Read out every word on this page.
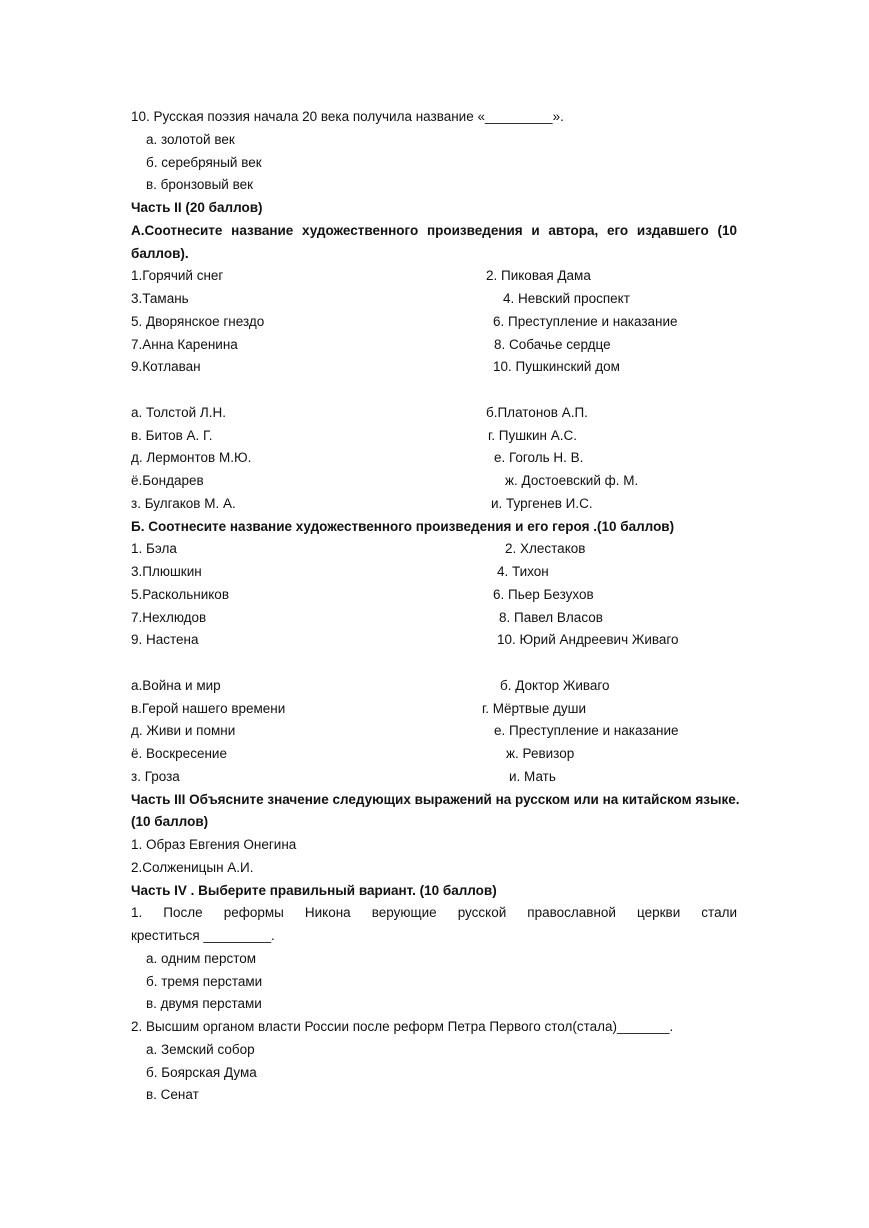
10. Русская поэзия начала 20 века получила название «_________».
а. золотой век
б. серебряный век
в. бронзовый век
Часть II (20 баллов)
А.Соотнесите название художественного произведения и автора, его издавшего (10
баллов).
1.Горячий снег	2. Пиковая Дама
3.Тамань	4. Невский проспект
5. Дворянское гнездо	6. Преступление и наказание
7.Анна Каренина	8. Собачье сердце
9.Котлаван	10. Пушкинский дом
а. Толстой Л.Н.	б.Платонов А.П.
в. Битов А. Г.	г. Пушкин А.С.
д. Лермонтов М.Ю.	е. Гоголь Н. В.
ё.Бондарев	ж. Достоевский ф. М.
з. Булгаков М. А.	и. Тургенев И.С.
Б. Соотнесите название художественного произведения и его героя .(10 баллов)
1. Бэла	2. Хлестаков
3.Плюшкин	4. Тихон
5.Раскольников	6. Пьер Безухов
7.Нехлюдов	8. Павел Власов
9. Настена	10. Юрий Андреевич Живаго
а.Война и мир	б. Доктор Живаго
в.Герой нашего времени	г. Мёртвые души
д. Живи и помни	е. Преступление и наказание
ё. Воскресение	ж. Ревизор
з. Гроза	и. Мать
Часть III Объясните значение следующих выражений на русском или на китайском языке.
(10 баллов)
1. Образ Евгения Онегина
2.Солженицын А.И.
Часть IV . Выберите правильный вариант. (10 баллов)
1. После реформы Никона верующие русской православной церкви стали
креститься _________.
а. одним перстом
б. тремя перстами
в. двумя перстами
2. Высшим органом власти России после реформ Петра Первого стол(стала)_______.
а. Земский собор
б. Боярская Дума
в. Сенат
